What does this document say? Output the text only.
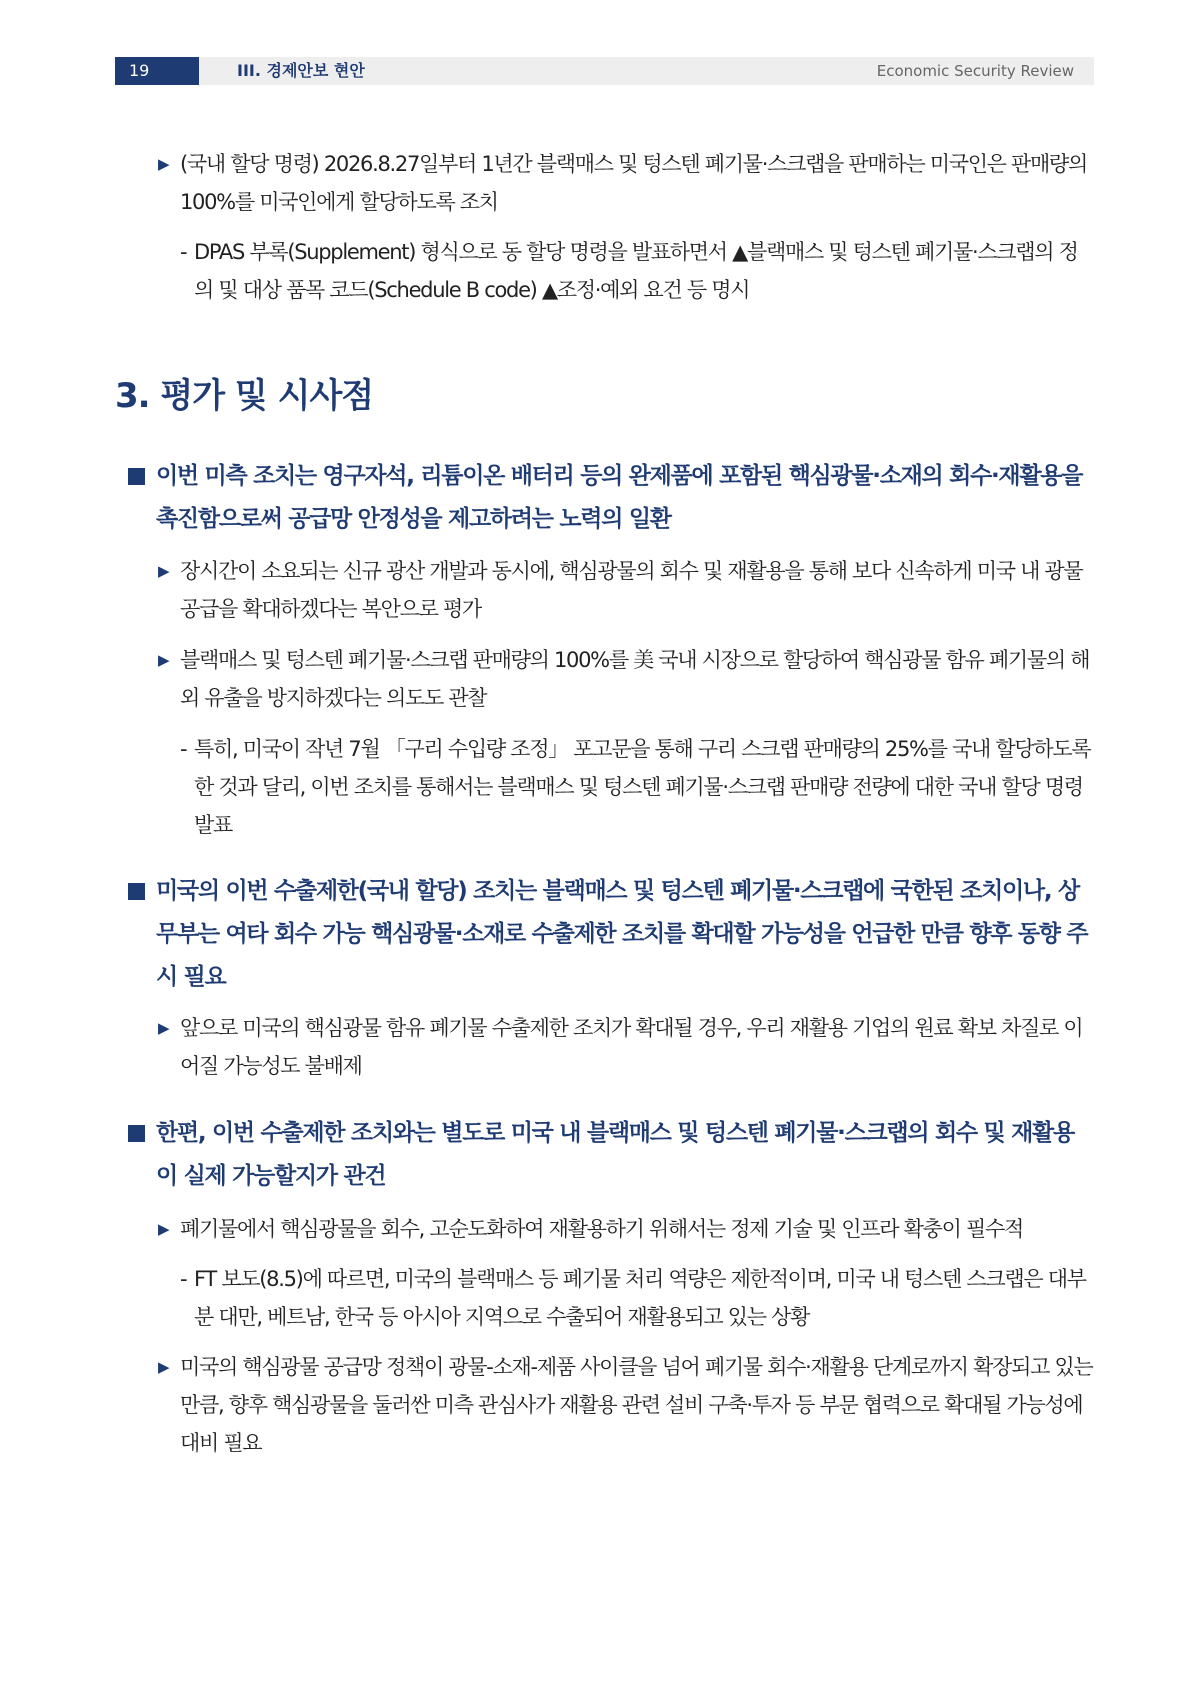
19	III. 경제안보 현안	Economic Security Review
▶ (국내 할당 명령) 2026.8.27일부터 1년간 블랙매스 및 텅스텐 폐기물·스크랩을 판매하는 미국인은 판매량의 100%를 미국인에게 할당하도록 조치
- DPAS 부록(Supplement) 형식으로 동 할당 명령을 발표하면서 ▲블랙매스 및 텅스텐 폐기물·스크랩의 정의 및 대상 품목 코드(Schedule B code) ▲조정·예외 요건 등 명시
3. 평가 및 시사점
이번 미측 조치는 영구자석, 리튬이온 배터리 등의 완제품에 포함된 핵심광물·소재의 회수·재활용을 촉진함으로써 공급망 안정성을 제고하려는 노력의 일환
▶ 장시간이 소요되는 신규 광산 개발과 동시에, 핵심광물의 회수 및 재활용을 통해 보다 신속하게 미국 내 광물 공급을 확대하겠다는 복안으로 평가
▶ 블랙매스 및 텅스텐 폐기물·스크랩 판매량의 100%를 美 국내 시장으로 할당하여 핵심광물 함유 폐기물의 해외 유출을 방지하겠다는 의도도 관찰
- 특히, 미국이 작년 7월 「구리 수입량 조정」 포고문을 통해 구리 스크랩 판매량의 25%를 국내 할당하도록 한 것과 달리, 이번 조치를 통해서는 블랙매스 및 텅스텐 폐기물·스크랩 판매량 전량에 대한 국내 할당 명령 발표
미국의 이번 수출제한(국내 할당) 조치는 블랙매스 및 텅스텐 폐기물·스크랩에 국한된 조치이나, 상무부는 여타 회수 가능 핵심광물·소재로 수출제한 조치를 확대할 가능성을 언급한 만큼 향후 동향 주시 필요
▶ 앞으로 미국의 핵심광물 함유 폐기물 수출제한 조치가 확대될 경우, 우리 재활용 기업의 원료 확보 차질로 이어질 가능성도 불배제
한편, 이번 수출제한 조치와는 별도로 미국 내 블랙매스 및 텅스텐 폐기물·스크랩의 회수 및 재활용이 실제 가능할지가 관건
▶ 폐기물에서 핵심광물을 회수, 고순도화하여 재활용하기 위해서는 정제 기술 및 인프라 확충이 필수적
- FT 보도(8.5)에 따르면, 미국의 블랙매스 등 폐기물 처리 역량은 제한적이며, 미국 내 텅스텐 스크랩은 대부분 대만, 베트남, 한국 등 아시아 지역으로 수출되어 재활용되고 있는 상황
▶ 미국의 핵심광물 공급망 정책이 광물-소재-제품 사이클을 넘어 폐기물 회수·재활용 단계로까지 확장되고 있는 만큼, 향후 핵심광물을 둘러싼 미측 관심사가 재활용 관련 설비 구축·투자 등 부문 협력으로 확대될 가능성에 대비 필요
